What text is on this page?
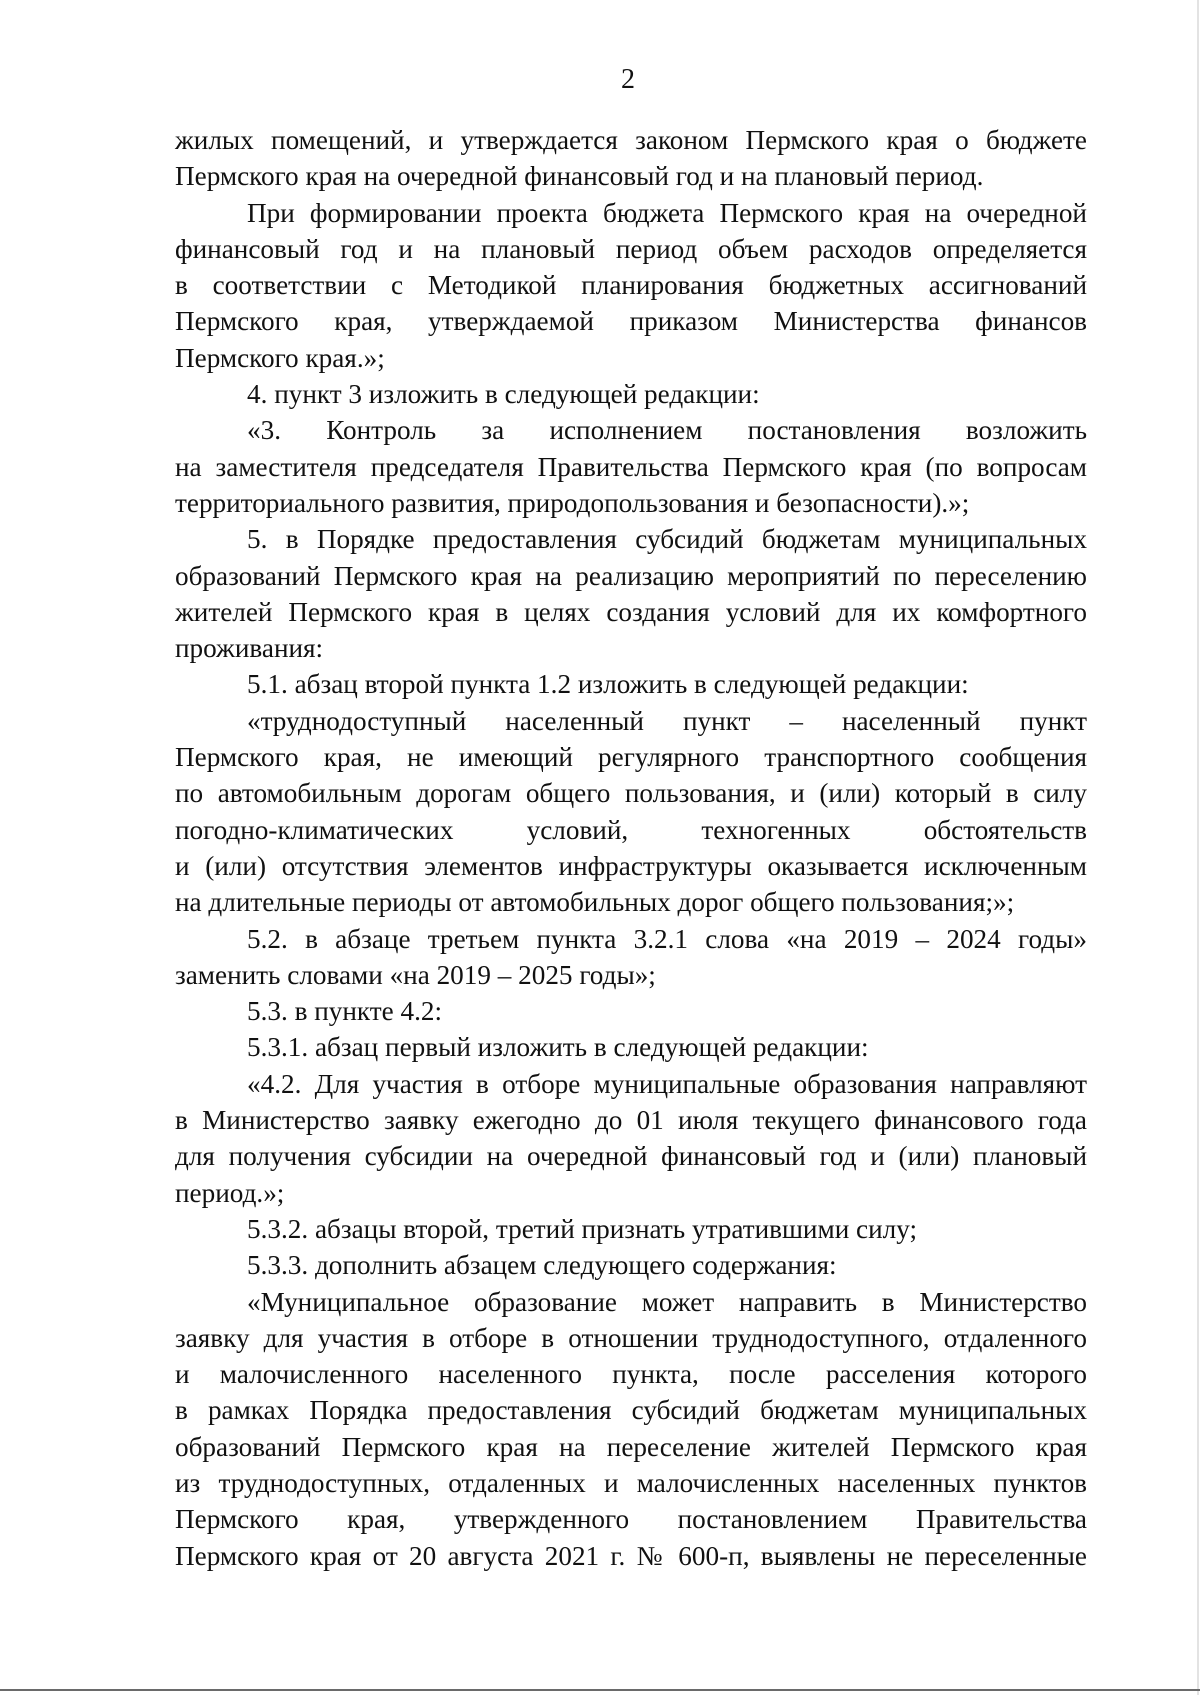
2
жилых помещений, и утверждается законом Пермского края о бюджете
Пермского края на очередной финансовый год и на плановый период.
При формировании проекта бюджета Пермского края на очередной
финансовый год и на плановый период объем расходов определяется
в соответствии с Методикой планирования бюджетных ассигнований
Пермского края, утверждаемой приказом Министерства финансов
Пермского края.»;
4. пункт 3 изложить в следующей редакции:
«3. Контроль за исполнением постановления возложить
на заместителя председателя Правительства Пермского края (по вопросам
территориального развития, природопользования и безопасности).»;
5. в Порядке предоставления субсидий бюджетам муниципальных
образований Пермского края на реализацию мероприятий по переселению
жителей Пермского края в целях создания условий для их комфортного
проживания:
5.1. абзац второй пункта 1.2 изложить в следующей редакции:
«труднодоступный населенный пункт – населенный пункт
Пермского края, не имеющий регулярного транспортного сообщения
по автомобильным дорогам общего пользования, и (или) который в силу
погодно-климатических условий, техногенных обстоятельств
и (или) отсутствия элементов инфраструктуры оказывается исключенным
на длительные периоды от автомобильных дорог общего пользования;»;
5.2. в абзаце третьем пункта 3.2.1 слова «на 2019 – 2024 годы»
заменить словами «на 2019 – 2025 годы»;
5.3. в пункте 4.2:
5.3.1. абзац первый изложить в следующей редакции:
«4.2. Для участия в отборе муниципальные образования направляют
в Министерство заявку ежегодно до 01 июля текущего финансового года
для получения субсидии на очередной финансовый год и (или) плановый
период.»;
5.3.2. абзацы второй, третий признать утратившими силу;
5.3.3. дополнить абзацем следующего содержания:
«Муниципальное образование может направить в Министерство
заявку для участия в отборе в отношении труднодоступного, отдаленного
и малочисленного населенного пункта, после расселения которого
в рамках Порядка предоставления субсидий бюджетам муниципальных
образований Пермского края на переселение жителей Пермского края
из труднодоступных, отдаленных и малочисленных населенных пунктов
Пермского края, утвержденного постановлением Правительства
Пермского края от 20 августа 2021 г. № 600-п, выявлены не переселенные
